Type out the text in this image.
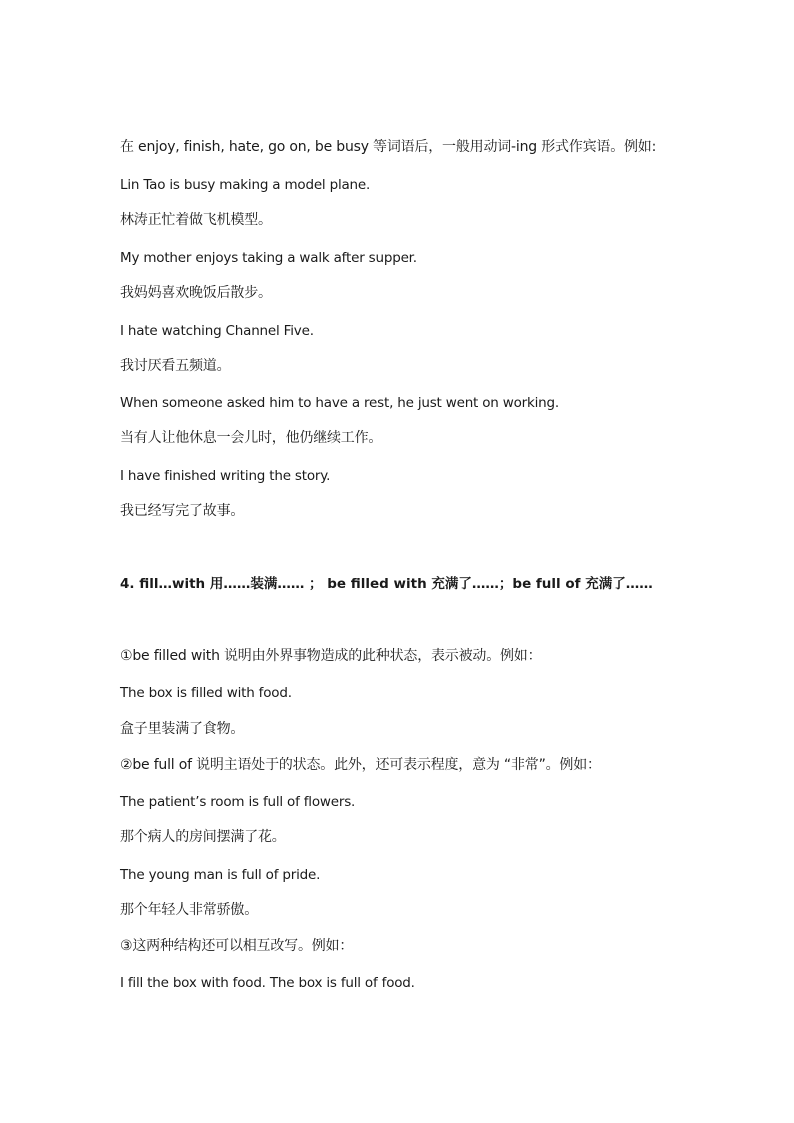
在 enjoy, finish, hate, go on, be busy 等词语后，一般用动词-ing 形式作宾语。例如:
Lin Tao is busy making a model plane.
林涛正忙着做飞机模型。
My mother enjoys taking a walk after supper.
我妈妈喜欢晚饭后散步。
I hate watching Channel Five.
我讨厌看五频道。
When someone asked him to have a rest, he just went on working.
当有人让他休息一会儿时，他仍继续工作。
I have finished writing the story.
我已经写完了故事。
4. fill…with 用……装满…… ； be filled with 充满了……；be full of 充满了……
①be filled with 说明由外界事物造成的此种状态，表示被动。例如：
The box is filled with food.
盒子里装满了食物。
②be full of 说明主语处于的状态。此外，还可表示程度，意为 “非常”。例如：
The patient’s room is full of flowers.
那个病人的房间摆满了花。
The young man is full of pride.
那个年轻人非常骄傲。
③这两种结构还可以相互改写。例如：
I fill the box with food. The box is full of food.
